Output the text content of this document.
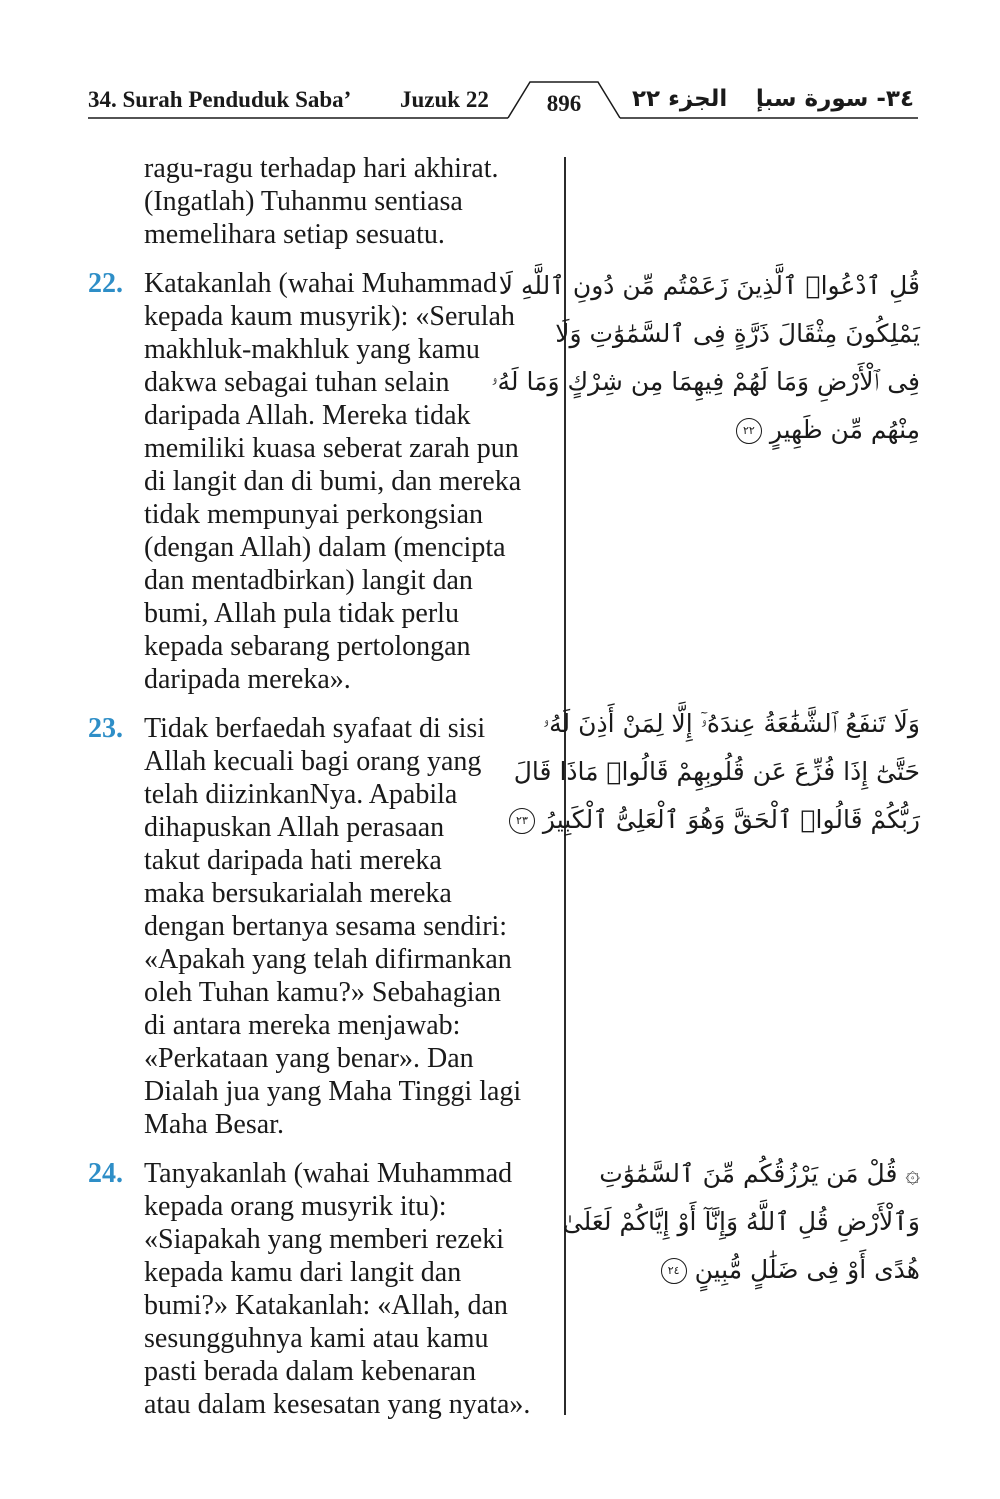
34. Surah Penduduk Saba’ Juzuk 22	896	الجزء ٢٢ ٣٤- سورة سبإ
ragu-ragu terhadap hari akhirat.
(Ingatlah) Tuhanmu sentiasa
memelihara setiap sesuatu.
22. Katakanlah (wahai Muhammad
kepada kaum musyrik): «Serulah
makhluk-makhluk yang kamu
dakwa sebagai tuhan selain
daripada Allah. Mereka tidak
memiliki kuasa seberat zarah pun
di langit dan di bumi, dan mereka
tidak mempunyai perkongsian
(dengan Allah) dalam (mencipta
dan mentadbirkan) langit dan
bumi, Allah pula tidak perlu
kepada sebarang pertolongan
daripada mereka».
23. Tidak berfaedah syafaat di sisi
Allah kecuali bagi orang yang
telah diizinkanNya. Apabila
dihapuskan Allah perasaan
takut daripada hati mereka
maka bersukarialah mereka
dengan bertanya sesama sendiri:
«Apakah yang telah difirmankan
oleh Tuhan kamu?» Sebahagian
di antara mereka menjawab:
«Perkataan yang benar». Dan
Dialah jua yang Maha Tinggi lagi
Maha Besar.
24. Tanyakanlah (wahai Muhammad
kepada orang musyrik itu):
«Siapakah yang memberi rezeki
kepada kamu dari langit dan
bumi?» Katakanlah: «Allah, dan
sesungguhnya kami atau kamu
pasti berada dalam kebenaran
atau dalam kesesatan yang nyata».
قُلِ ٱدْعُوا۟ ٱلَّذِينَ زَعَمْتُم مِّن دُونِ ٱللَّهِ لَا
يَمْلِكُونَ مِثْقَالَ ذَرَّةٍ فِى ٱلسَّمَٰوَٰتِ وَلَا
فِى ٱلْأَرْضِ وَمَا لَهُمْ فِيهِمَا مِن شِرْكٍ وَمَا لَهُۥ
مِنْهُم مِّن ظَهِيرٍ ٢٢
وَلَا تَنفَعُ ٱلشَّفَٰعَةُ عِندَهُۥٓ إِلَّا لِمَنْ أَذِنَ لَهُۥ
حَتَّىٰٓ إِذَا فُزِّعَ عَن قُلُوبِهِمْ قَالُوا۟ مَاذَا قَالَ
رَبُّكُمْ قَالُوا۟ ٱلْحَقَّ وَهُوَ ٱلْعَلِىُّ ٱلْكَبِيرُ ٢٣
۞ قُلْ مَن يَرْزُقُكُم مِّنَ ٱلسَّمَٰوَٰتِ
وَٱلْأَرْضِ قُلِ ٱللَّهُ وَإِنَّآ أَوْ إِيَّاكُمْ لَعَلَىٰ
هُدًى أَوْ فِى ضَلَٰلٍ مُّبِينٍ ٢٤
